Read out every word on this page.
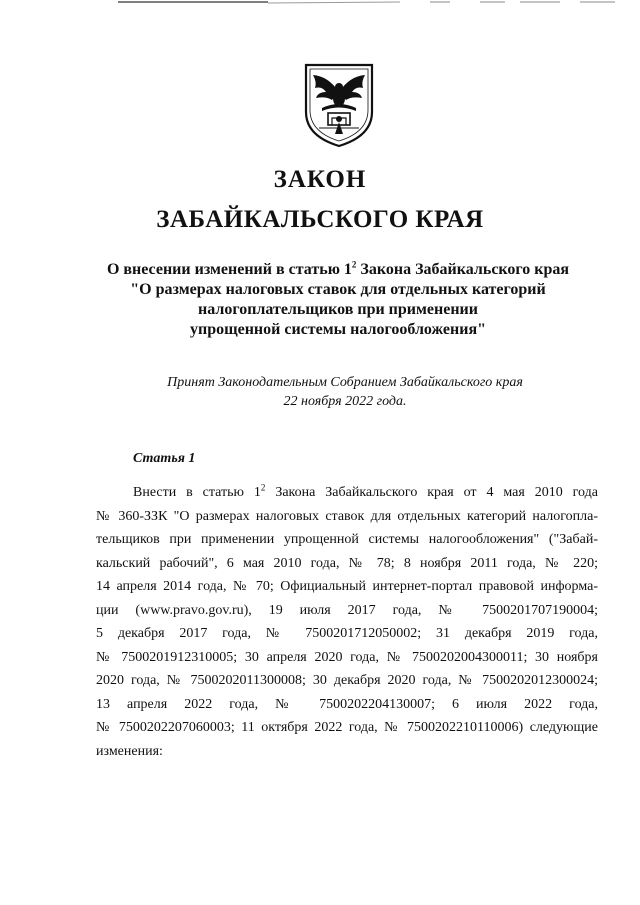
ЗАКОН
ЗАБАЙКАЛЬСКОГО КРАЯ
О внесении изменений в статью $1^2$ Закона Забайкальского края
"О размерах налоговых ставок для отдельных категорий
налогоплательщиков при применении
упрощенной системы налогообложения"
Принят Законодательным Собранием Забайкальского края
22 ноября 2022 года.
Статья 1
Внести в статью $1^2$ Закона Забайкальского края от 4 мая 2010 года
№ 360-ЗЗК "О размерах налоговых ставок для отдельных категорий налогопла-
тельщиков при применении упрощенной системы налогообложения" ("Забай-
кальский рабочий", 6 мая 2010 года, № 78; 8 ноября 2011 года, № 220;
14 апреля 2014 года, № 70; Официальный интернет-портал правовой информа-
ции (www.pravo.gov.ru), 19 июля 2017 года, № 7500201707190004;
5 декабря 2017 года, № 7500201712050002; 31 декабря 2019 года,
№ 7500201912310005; 30 апреля 2020 года, № 7500202004300011; 30 ноября
2020 года, № 7500202011300008; 30 декабря 2020 года, № 7500202012300024;
13 апреля 2022 года, № 7500202204130007; 6 июля 2022 года,
№ 7500202207060003; 11 октября 2022 года, № 7500202210110006) следующие
изменения:
